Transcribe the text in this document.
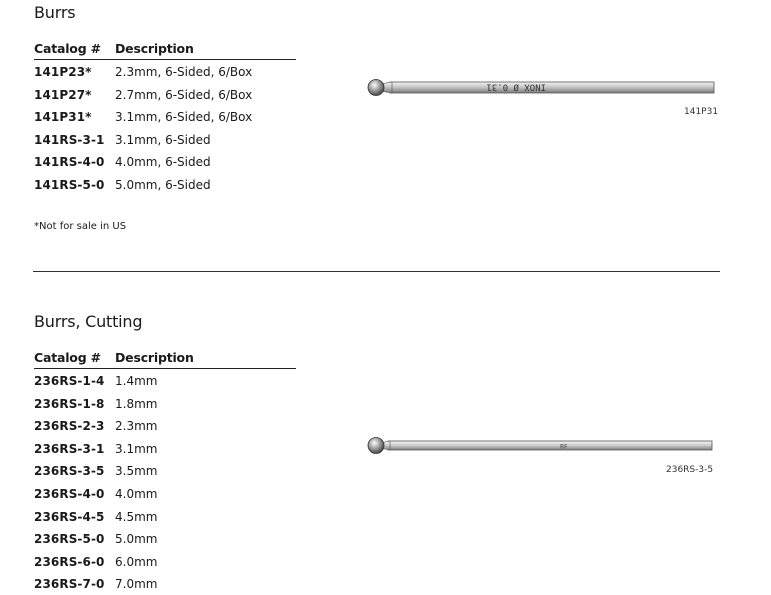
Burrs
Catalog # Description
141P23* 2.3mm, 6-Sided, 6/Box
141P27* 2.7mm, 6-Sided, 6/Box
141P31* 3.1mm, 6-Sided, 6/Box
141RS-3-1 3.1mm, 6-Sided
141RS-4-0 4.0mm, 6-Sided
141RS-5-0 5.0mm, 6-Sided
INOX Ø 0.31
141P31
*Not for sale in US
Burrs, Cutting
Catalog # Description
236RS-1-4 1.4mm
236RS-1-8 1.8mm
236RS-2-3 2.3mm
236RS-3-1 3.1mm
236RS-3-5 3.5mm
236RS-4-0 4.0mm
236RS-4-5 4.5mm
236RS-5-0 5.0mm
236RS-6-0 6.0mm
236RS-7-0 7.0mm
RF
236RS-3-5
